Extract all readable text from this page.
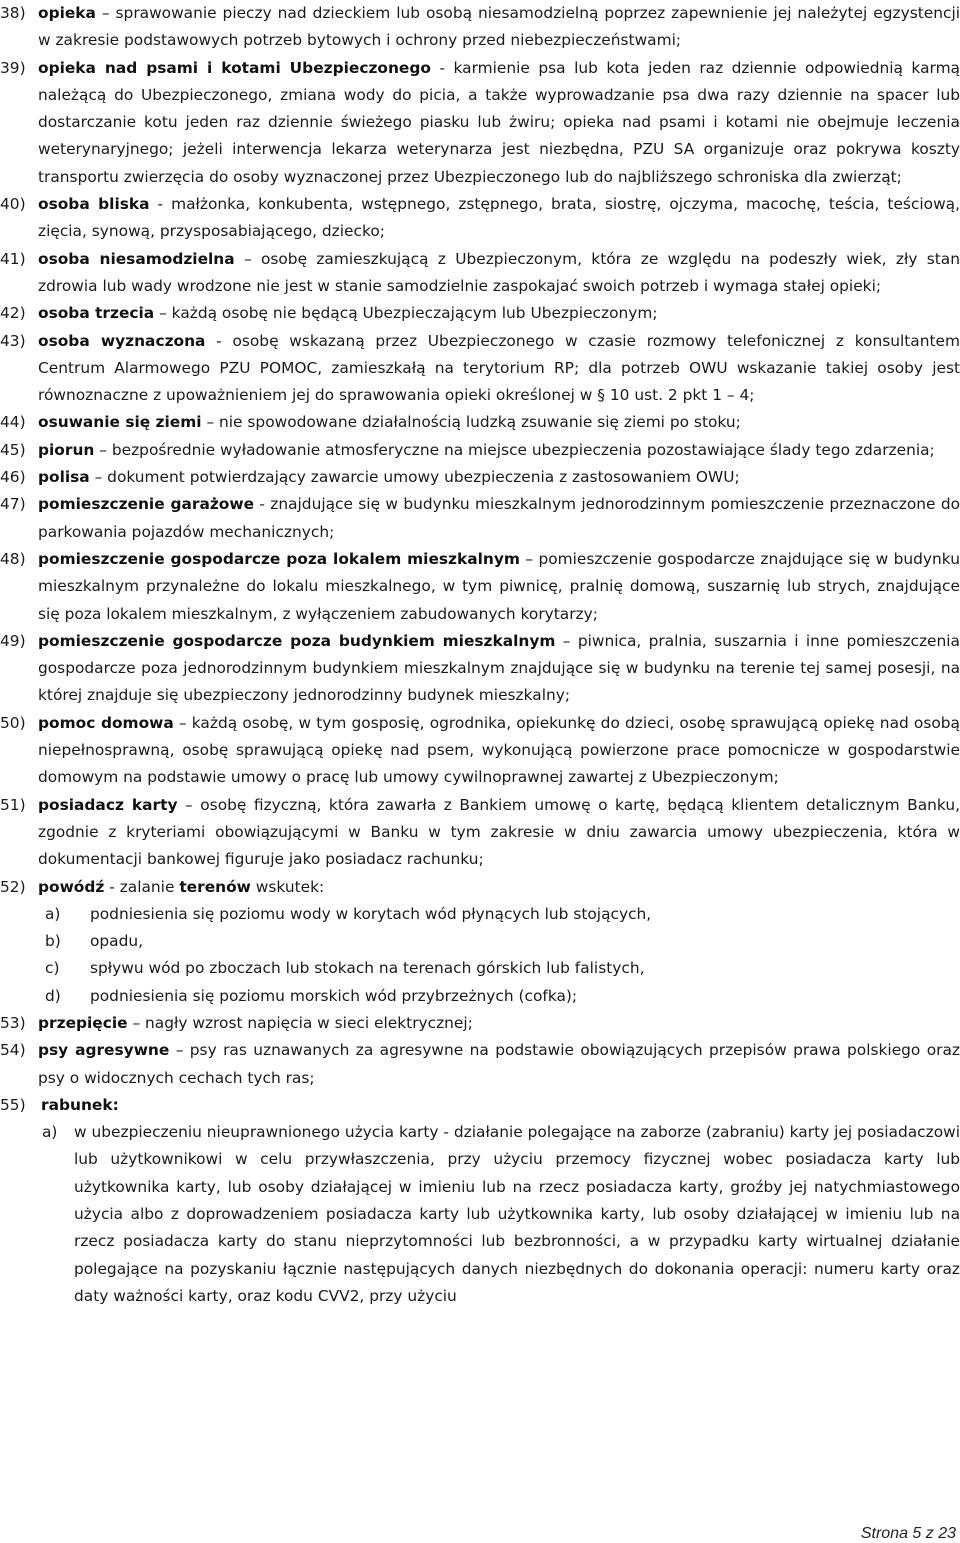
38) opieka – sprawowanie pieczy nad dzieckiem lub osobą niesamodzielną poprzez zapewnienie jej należytej egzystencji w zakresie podstawowych potrzeb bytowych i ochrony przed niebezpieczeństwami;

39) opieka nad psami i kotami Ubezpieczonego - karmienie psa lub kota jeden raz dziennie odpowiednią karmą należącą do Ubezpieczonego, zmiana wody do picia, a także wyprowadzanie psa dwa razy dziennie na spacer lub dostarczanie kotu jeden raz dziennie świeżego piasku lub żwiru; opieka nad psami i kotami nie obejmuje leczenia weterynaryjnego; jeżeli interwencja lekarza weterynarza jest niezbędna, PZU SA organizuje oraz pokrywa koszty transportu zwierzęcia do osoby wyznaczonej przez Ubezpieczonego lub do najbliższego schroniska dla zwierząt;

40) osoba bliska - małżonka, konkubenta, wstępnego, zstępnego, brata, siostrę, ojczyma, macochę, teścia, teściową, zięcia, synową, przysposabiającego, dziecko;

41) osoba niesamodzielna – osobę zamieszkującą z Ubezpieczonym, która ze względu na podeszły wiek, zły stan zdrowia lub wady wrodzone nie jest w stanie samodzielnie zaspokajać swoich potrzeb i wymaga stałej opieki;

42) osoba trzecia – każdą osobę nie będącą Ubezpieczającym lub Ubezpieczonym;

43) osoba wyznaczona - osobę wskazaną przez Ubezpieczonego w czasie rozmowy telefonicznej z konsultantem Centrum Alarmowego PZU POMOC, zamieszkałą na terytorium RP; dla potrzeb OWU wskazanie takiej osoby jest równoznaczne z upoważnieniem jej do sprawowania opieki określonej w § 10 ust. 2 pkt 1 – 4;

44) osuwanie się ziemi – nie spowodowane działalnością ludzką zsuwanie się ziemi po stoku;

45) piorun – bezpośrednie wyładowanie atmosferyczne na miejsce ubezpieczenia pozostawiające ślady tego zdarzenia;

46) polisa – dokument potwierdzający zawarcie umowy ubezpieczenia z zastosowaniem OWU;

47) pomieszczenie garażowe - znajdujące się w budynku mieszkalnym jednorodzinnym pomieszczenie przeznaczone do parkowania pojazdów mechanicznych;

48) pomieszczenie gospodarcze poza lokalem mieszkalnym – pomieszczenie gospodarcze znajdujące się w budynku mieszkalnym przynależne do lokalu mieszkalnego, w tym piwnicę, pralnię domową, suszarnię lub strych, znajdujące się poza lokalem mieszkalnym, z wyłączeniem zabudowanych korytarzy;

49) pomieszczenie gospodarcze poza budynkiem mieszkalnym – piwnica, pralnia, suszarnia i inne pomieszczenia gospodarcze poza jednorodzinnym budynkiem mieszkalnym znajdujące się w budynku na terenie tej samej posesji, na której znajduje się ubezpieczony jednorodzinny budynek mieszkalny;

50) pomoc domowa – każdą osobę, w tym gosposię, ogrodnika, opiekunkę do dzieci, osobę sprawującą opiekę nad osobą niepełnosprawną, osobę sprawującą opiekę nad psem, wykonującą powierzone prace pomocnicze w gospodarstwie domowym na podstawie umowy o pracę lub umowy cywilnoprawnej zawartej z Ubezpieczonym;

51) posiadacz karty – osobę fizyczną, która zawarła z Bankiem umowę o kartę, będącą klientem detalicznym Banku, zgodnie z kryteriami obowiązującymi w Banku w tym zakresie w dniu zawarcia umowy ubezpieczenia, która w dokumentacji bankowej figuruje jako posiadacz rachunku;

52) powódź - zalanie terenów wskutek:

a) podniesienia się poziomu wody w korytach wód płynących lub stojących,

b) opadu,

c) spływu wód po zboczach lub stokach na terenach górskich lub falistych,

d) podniesienia się poziomu morskich wód przybrzeżnych (cofka);

53) przepięcie – nagły wzrost napięcia w sieci elektrycznej;

54) psy agresywne – psy ras uznawanych za agresywne na podstawie obowiązujących przepisów prawa polskiego oraz psy o widocznych cechach tych ras;

55) rabunek:

a) w ubezpieczeniu nieuprawnionego użycia karty - działanie polegające na zaborze (zabraniu) karty jej posiadaczowi lub użytkownikowi w celu przywłaszczenia, przy użyciu przemocy fizycznej wobec posiadacza karty lub użytkownika karty, lub osoby działającej w imieniu lub na rzecz posiadacza karty, groźby jej natychmiastowego użycia albo z doprowadzeniem posiadacza karty lub użytkownika karty, lub osoby działającej w imieniu lub na rzecz posiadacza karty do stanu nieprzytomności lub bezbronności, a w przypadku karty wirtualnej działanie polegające na pozyskaniu łącznie następujących danych niezbędnych do dokonania operacji: numeru karty oraz daty ważności karty, oraz kodu CVV2, przy użyciu

Strona 5 z 23
